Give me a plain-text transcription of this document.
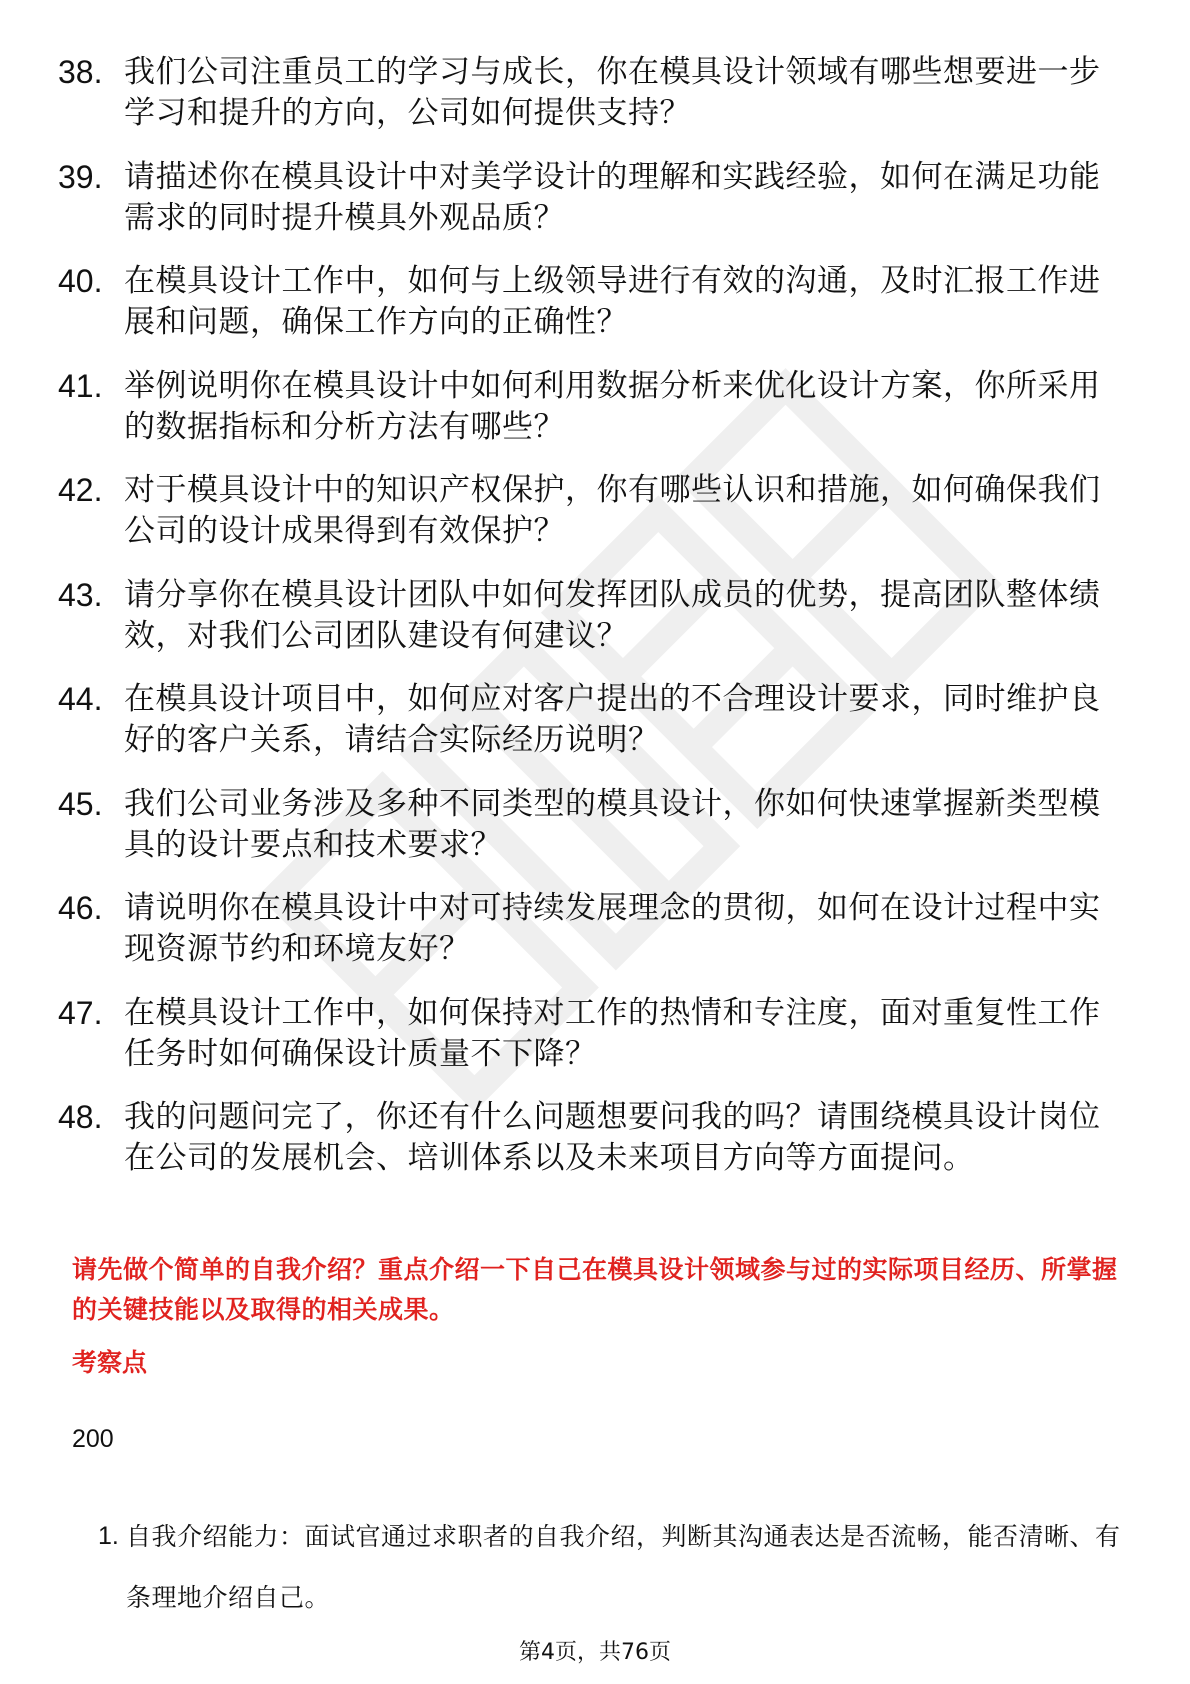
38. 我们公司注重员工的学习与成长，你在模具设计领域有哪些想要进一步学习和提升的方向，公司如何提供支持？
39. 请描述你在模具设计中对美学设计的理解和实践经验，如何在满足功能需求的同时提升模具外观品质？
40. 在模具设计工作中，如何与上级领导进行有效的沟通，及时汇报工作进展和问题，确保工作方向的正确性？
41. 举例说明你在模具设计中如何利用数据分析来优化设计方案，你所采用的数据指标和分析方法有哪些？
42. 对于模具设计中的知识产权保护，你有哪些认识和措施，如何确保我们公司的设计成果得到有效保护？
43. 请分享你在模具设计团队中如何发挥团队成员的优势，提高团队整体绩效，对我们公司团队建设有何建议？
44. 在模具设计项目中，如何应对客户提出的不合理设计要求，同时维护良好的客户关系，请结合实际经历说明？
45. 我们公司业务涉及多种不同类型的模具设计，你如何快速掌握新类型模具的设计要点和技术要求？
46. 请说明你在模具设计中对可持续发展理念的贯彻，如何在设计过程中实现资源节约和环境友好？
47. 在模具设计工作中，如何保持对工作的热情和专注度，面对重复性工作任务时如何确保设计质量不下降？
48. 我的问题问完了，你还有什么问题想要问我的吗？请围绕模具设计岗位在公司的发展机会、培训体系以及未来项目方向等方面提问。

请先做个简单的自我介绍？重点介绍一下自己在模具设计领域参与过的实际项目经历、所掌握的关键技能以及取得的相关成果。

考察点

200

1. 自我介绍能力：面试官通过求职者的自我介绍，判断其沟通表达是否流畅，能否清晰、有条理地介绍自己。

第4页，共76页
